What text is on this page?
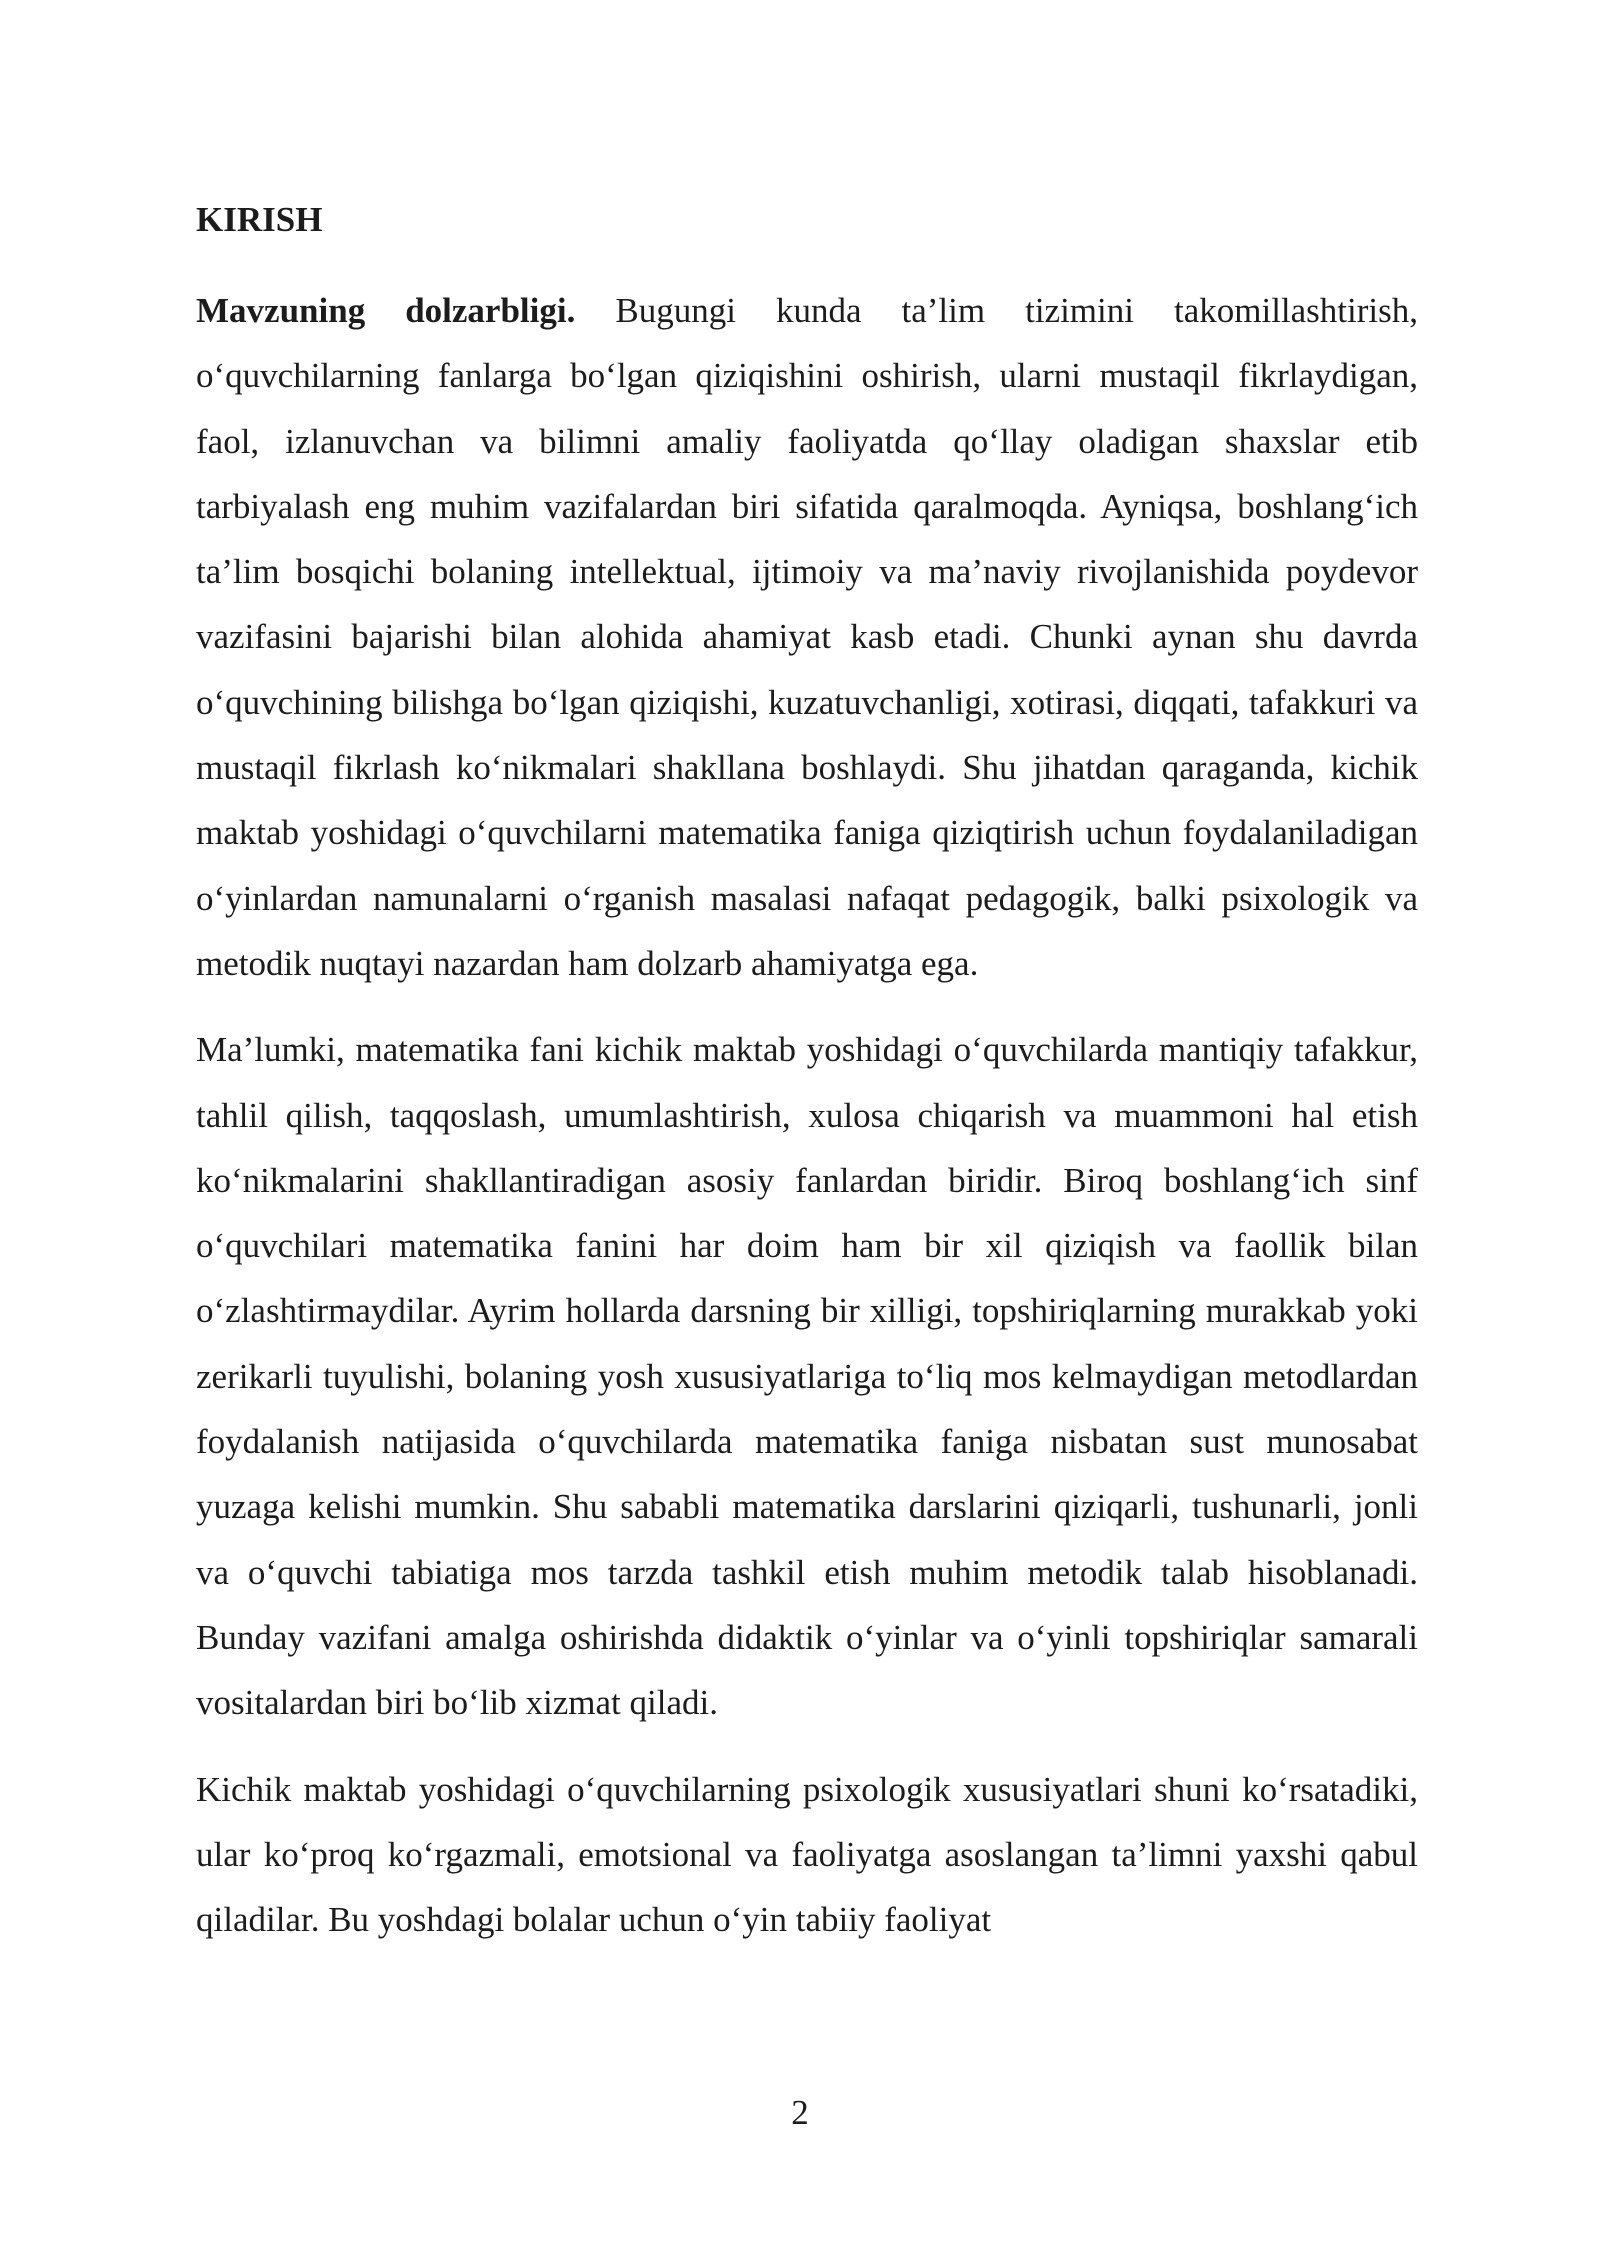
KIRISH

Mavzuning dolzarbligi. Bugungi kunda ta’lim tizimini takomillashtirish, o‘quvchilarning fanlarga bo‘lgan qiziqishini oshirish, ularni mustaqil fikrlaydigan, faol, izlanuvchan va bilimni amaliy faoliyatda qo‘llay oladigan shaxslar etib tarbiyalash eng muhim vazifalardan biri sifatida qaralmoqda. Ayniqsa, boshlang‘ich ta’lim bosqichi bolaning intellektual, ijtimoiy va ma’naviy rivojlanishida poydevor vazifasini bajarishi bilan alohida ahamiyat kasb etadi. Chunki aynan shu davrda o‘quvchining bilishga bo‘lgan qiziqishi, kuzatuvchanligi, xotirasi, diqqati, tafakkuri va mustaqil fikrlash ko‘nikmalari shakllana boshlaydi. Shu jihatdan qaraganda, kichik maktab yoshidagi o‘quvchilarni matematika faniga qiziqtirish uchun foydalaniladigan o‘yinlardan namunalarni o‘rganish masalasi nafaqat pedagogik, balki psixologik va metodik nuqtayi nazardan ham dolzarb ahamiyatga ega.

Ma’lumki, matematika fani kichik maktab yoshidagi o‘quvchilarda mantiqiy tafakkur, tahlil qilish, taqqoslash, umumlashtirish, xulosa chiqarish va muammoni hal etish ko‘nikmalarini shakllantiradigan asosiy fanlardan biridir. Biroq boshlang‘ich sinf o‘quvchilari matematika fanini har doim ham bir xil qiziqish va faollik bilan o‘zlashtirmaydilar. Ayrim hollarda darsning bir xilligi, topshiriqlarning murakkab yoki zerikarli tuyulishi, bolaning yosh xususiyatlariga to‘liq mos kelmaydigan metodlardan foydalanish natijasida o‘quvchilarda matematika faniga nisbatan sust munosabat yuzaga kelishi mumkin. Shu sababli matematika darslarini qiziqarli, tushunarli, jonli va o‘quvchi tabiatiga mos tarzda tashkil etish muhim metodik talab hisoblanadi. Bunday vazifani amalga oshirishda didaktik o‘yinlar va o‘yinli topshiriqlar samarali vositalardan biri bo‘lib xizmat qiladi.

Kichik maktab yoshidagi o‘quvchilarning psixologik xususiyatlari shuni ko‘rsatadiki, ular ko‘proq ko‘rgazmali, emotsional va faoliyatga asoslangan ta’limni yaxshi qabul qiladilar. Bu yoshdagi bolalar uchun o‘yin tabiiy faoliyat

2
